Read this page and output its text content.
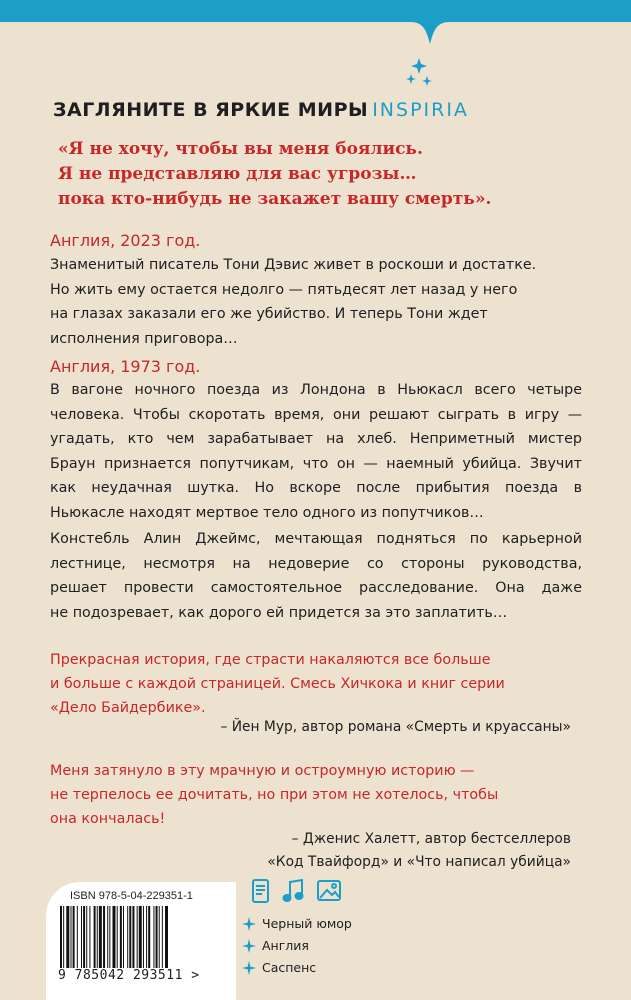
ЗАГЛЯНИТЕ В ЯРКИЕ МИРЫ INSPIRIA
«Я не хочу, чтобы вы меня боялись.
Я не представляю для вас угрозы…
пока кто-нибудь не закажет вашу смерть».
Англия, 2023 год.
Знаменитый писатель Тони Дэвис живет в роскоши и достатке.
Но жить ему остается недолго — пятьдесят лет назад у него
на глазах заказали его же убийство. И теперь Тони ждет
исполнения приговора…
Англия, 1973 год.
В вагоне ночного поезда из Лондона в Ньюкасл всего четыре
человека. Чтобы скоротать время, они решают сыграть в игру —
угадать, кто чем зарабатывает на хлеб. Неприметный мистер
Браун признается попутчикам, что он — наемный убийца. Звучит
как неудачная шутка. Но вскоре после прибытия поезда в
Ньюкасле находят мертвое тело одного из попутчиков…
Констебль Алин Джеймс, мечтающая подняться по карьерной
лестнице, несмотря на недоверие со стороны руководства,
решает провести самостоятельное расследование. Она даже
не подозревает, как дорого ей придется за это заплатить…
Прекрасная история, где страсти накаляются все больше
и больше с каждой страницей. Смесь Хичкока и книг серии
«Дело Байдербике».
– Йен Мур, автор романа «Смерть и круассаны»
Меня затянуло в эту мрачную и остроумную историю —
не терпелось ее дочитать, но при этом не хотелось, чтобы
она кончалась!
– Дженис Халетт, автор бестселлеров
«Код Твайфорд» и «Что написал убийца»
ISBN 978-5-04-229351-1
9 785042 293511 >
Черный юмор
Англия
Саспенс
